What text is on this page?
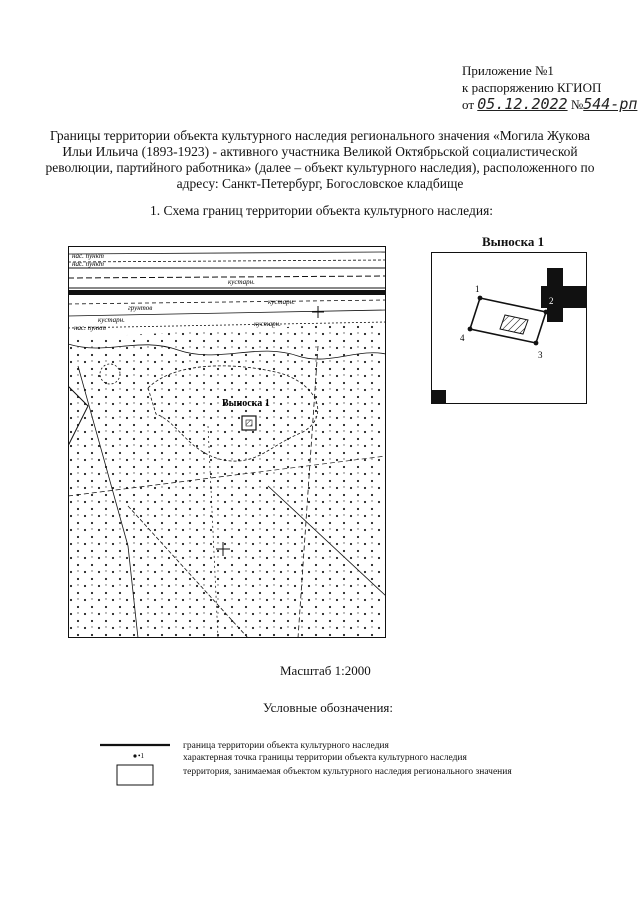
Приложение №1
к распоряжению КГИОП
от 05.12.2022 №544-рп
Границы территории объекта культурного наследия регионального значения «Могила Жукова Ильи Ильича (1893-1923) - активного участника Великой Октябрьской социалистической революции, партийного работника» (далее – объект культурного наследия), расположенного по адресу: Санкт-Петербург, Богословское кладбище
1. Схема границ территории объекта культурного наследия:
Выноска 1
нас. пункт
нас. пункт
кустарн.
кустарн.
кустарн.	кустарн.
нас. пункт
грунтов
Выноска 1
1
2
3
4
Масштаб 1:2000
Условные обозначения:
•1
граница территории объекта культурного наследия
характерная точка границы территории объекта культурного наследия
территория, занимаемая объектом культурного наследия регионального значения
